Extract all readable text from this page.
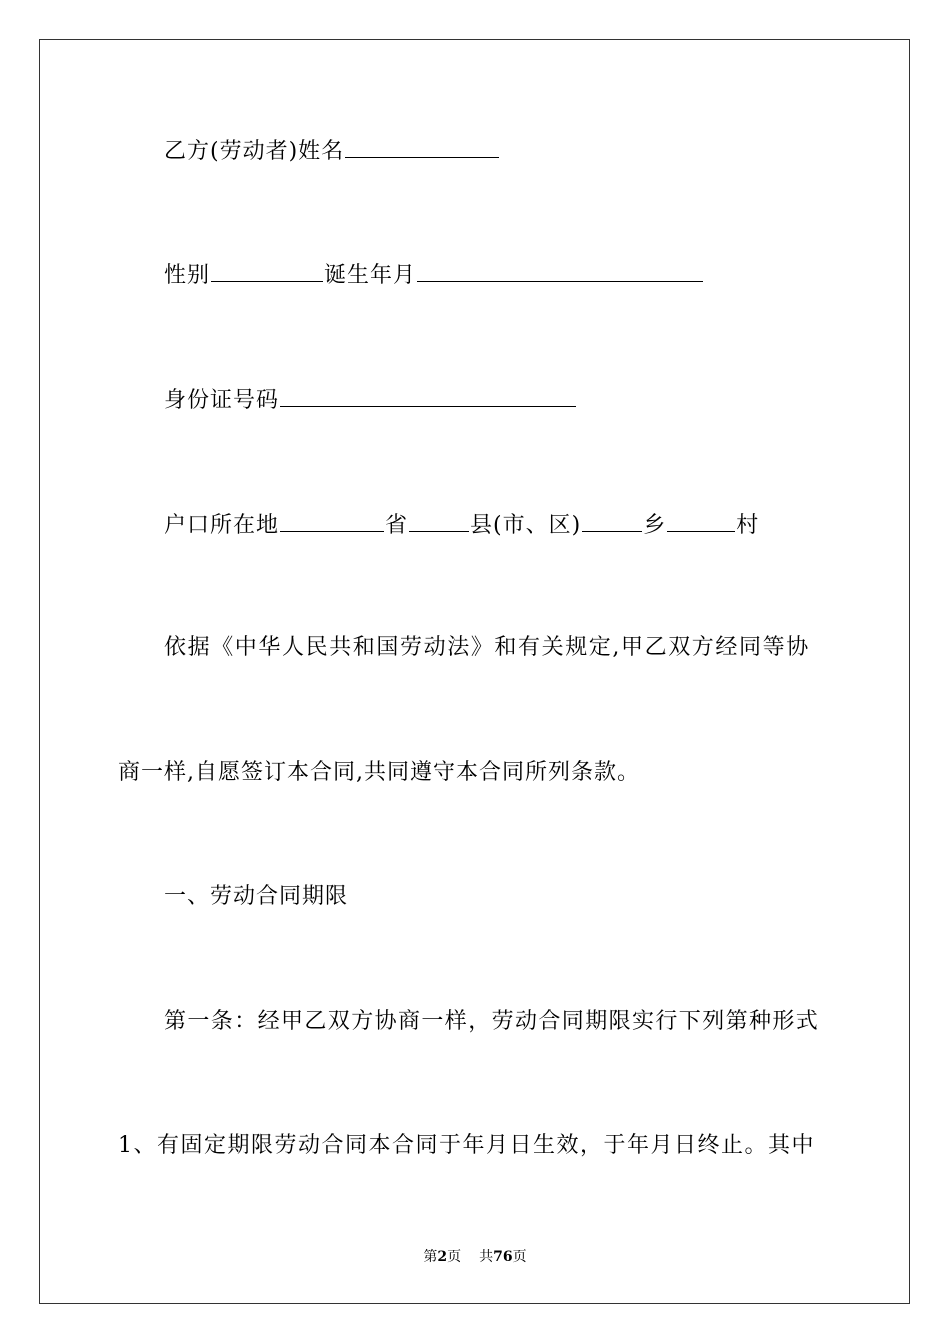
乙方(劳动者)姓名
性别	诞生年月
身份证号码
户口所在地	省	县(市、区)	乡	村
依据《中华人民共和国劳动法》和有关规定,甲乙双方经同等协
商一样,自愿签订本合同,共同遵守本合同所列条款。
一、劳动合同期限
第一条：经甲乙双方协商一样，劳动合同期限实行下列第种形式
1、有固定期限劳动合同本合同于年月日生效，于年月日终止。其中
第2页 共76页
